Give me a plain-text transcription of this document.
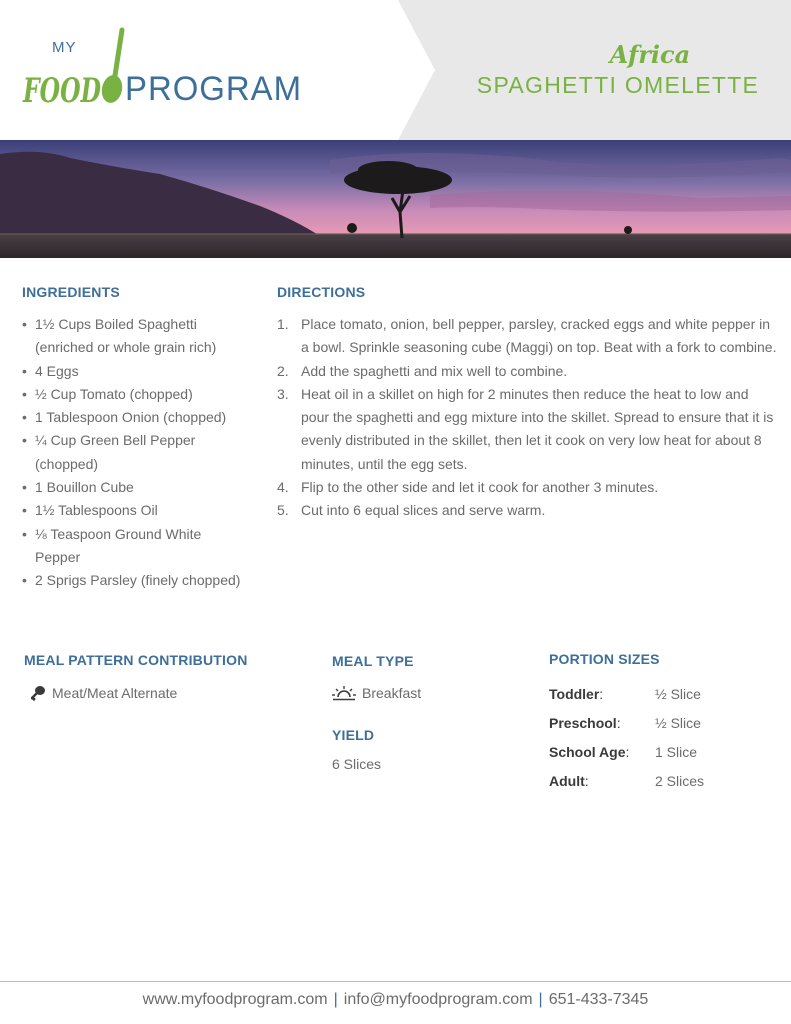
MY
FOOD PROGRAM
Africa
SPAGHETTI OMELETTE
INGREDIENTS
• 1½ Cups Boiled Spaghetti
(enriched or whole grain rich)
• 4 Eggs
• ½ Cup Tomato (chopped)
• 1 Tablespoon Onion (chopped)
• ¼ Cup Green Bell Pepper
(chopped)
• 1 Bouillon Cube
• 1½ Tablespoons Oil
• ⅛ Teaspoon Ground White
Pepper
• 2 Sprigs Parsley (finely chopped)
DIRECTIONS
1. Place tomato, onion, bell pepper, parsley, cracked eggs and white pepper in a bowl. Sprinkle seasoning cube (Maggi) on top. Beat with a fork to combine.
2. Add the spaghetti and mix well to combine.
3. Heat oil in a skillet on high for 2 minutes then reduce the heat to low and pour the spaghetti and egg mixture into the skillet. Spread to ensure that it is evenly distributed in the skillet, then let it cook on very low heat for about 8 minutes, until the egg sets.
4. Flip to the other side and let it cook for another 3 minutes.
5. Cut into 6 equal slices and serve warm.
MEAL PATTERN CONTRIBUTION
Meat/Meat Alternate
MEAL TYPE
Breakfast
YIELD
6 Slices
PORTION SIZES
Toddler:	½ Slice
Preschool: ½ Slice
School Age: 1 Slice
Adult:	2 Slices
www.myfoodprogram.com | info@myfoodprogram.com | 651-433-7345
